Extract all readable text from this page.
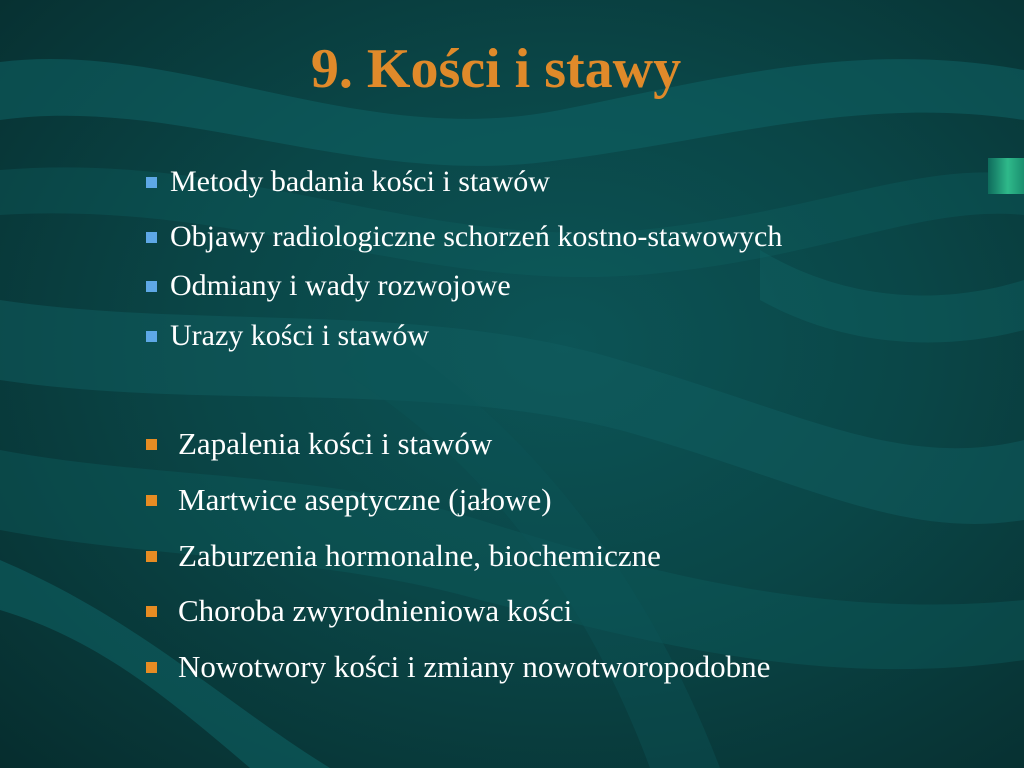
9. Kości i stawy
Metody badania kości i stawów
Objawy radiologiczne schorzeń kostno-stawowych
Odmiany i wady rozwojowe
Urazy kości i stawów
Zapalenia kości i stawów
Martwice aseptyczne (jałowe)
Zaburzenia hormonalne, biochemiczne
Choroba zwyrodnieniowa kości
Nowotwory kości i zmiany nowotworopodobne
